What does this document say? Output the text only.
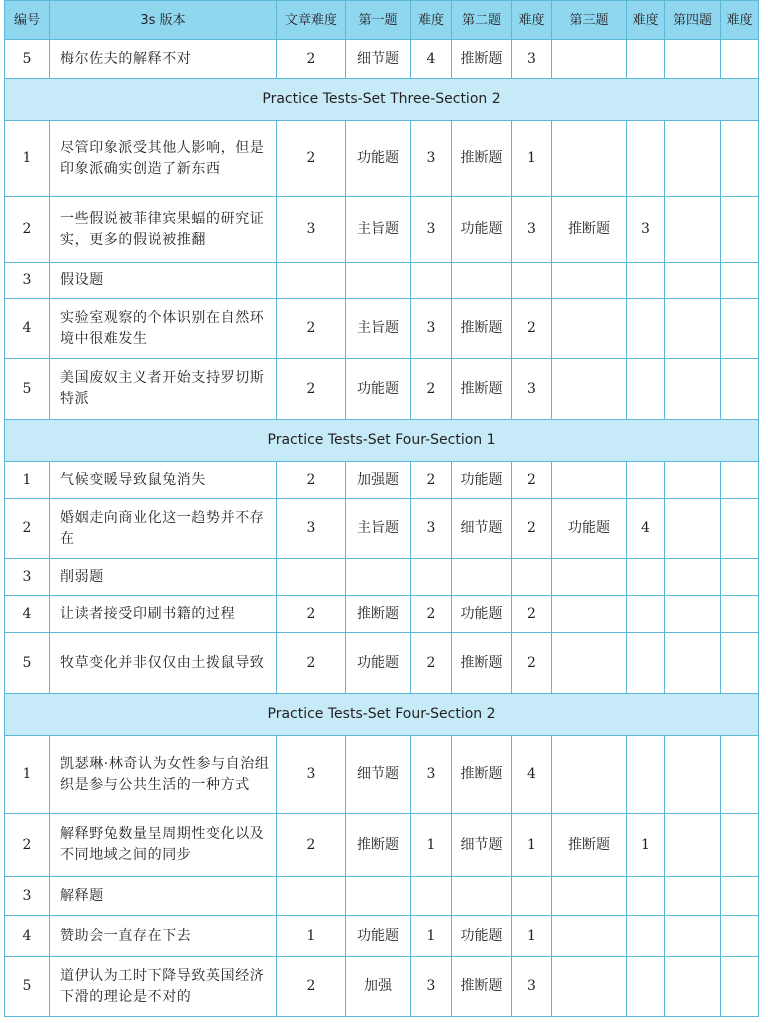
编号	3s 版本	文章难度	第一题	难度	第二题	难度	第三题	难度	第四题	难度
5	梅尔佐夫的解释不对	2	细节题	4	推断题	3				
Practice Tests-Set Three-Section 2										
1	尽管印象派受其他人影响，但是印象派确实创造了新东西	2	功能题	3	推断题	1				
2	一些假说被菲律宾果蝠的研究证实，更多的假说被推翻	3	主旨题	3	功能题	3	推断题	3		
3	假设题									
4	实验室观察的个体识别在自然环境中很难发生	2	主旨题	3	推断题	2				
5	美国废奴主义者开始支持罗切斯特派	2	功能题	2	推断题	3				
Practice Tests-Set Four-Section 1										
1	气候变暖导致鼠兔消失	2	加强题	2	功能题	2				
2	婚姻走向商业化这一趋势并不存在	3	主旨题	3	细节题	2	功能题	4		
3	削弱题									
4	让读者接受印刷书籍的过程	2	推断题	2	功能题	2				
5	牧草变化并非仅仅由土拨鼠导致	2	功能题	2	推断题	2				
Practice Tests-Set Four-Section 2										
1	凯瑟琳·林奇认为女性参与自治组织是参与公共生活的一种方式	3	细节题	3	推断题	4				
2	解释野兔数量呈周期性变化以及不同地域之间的同步	2	推断题	1	细节题	1	推断题	1		
3	解释题									
4	赞助会一直存在下去	1	功能题	1	功能题	1				
5	道伊认为工时下降导致英国经济下滑的理论是不对的	2	加强	3	推断题	3				
